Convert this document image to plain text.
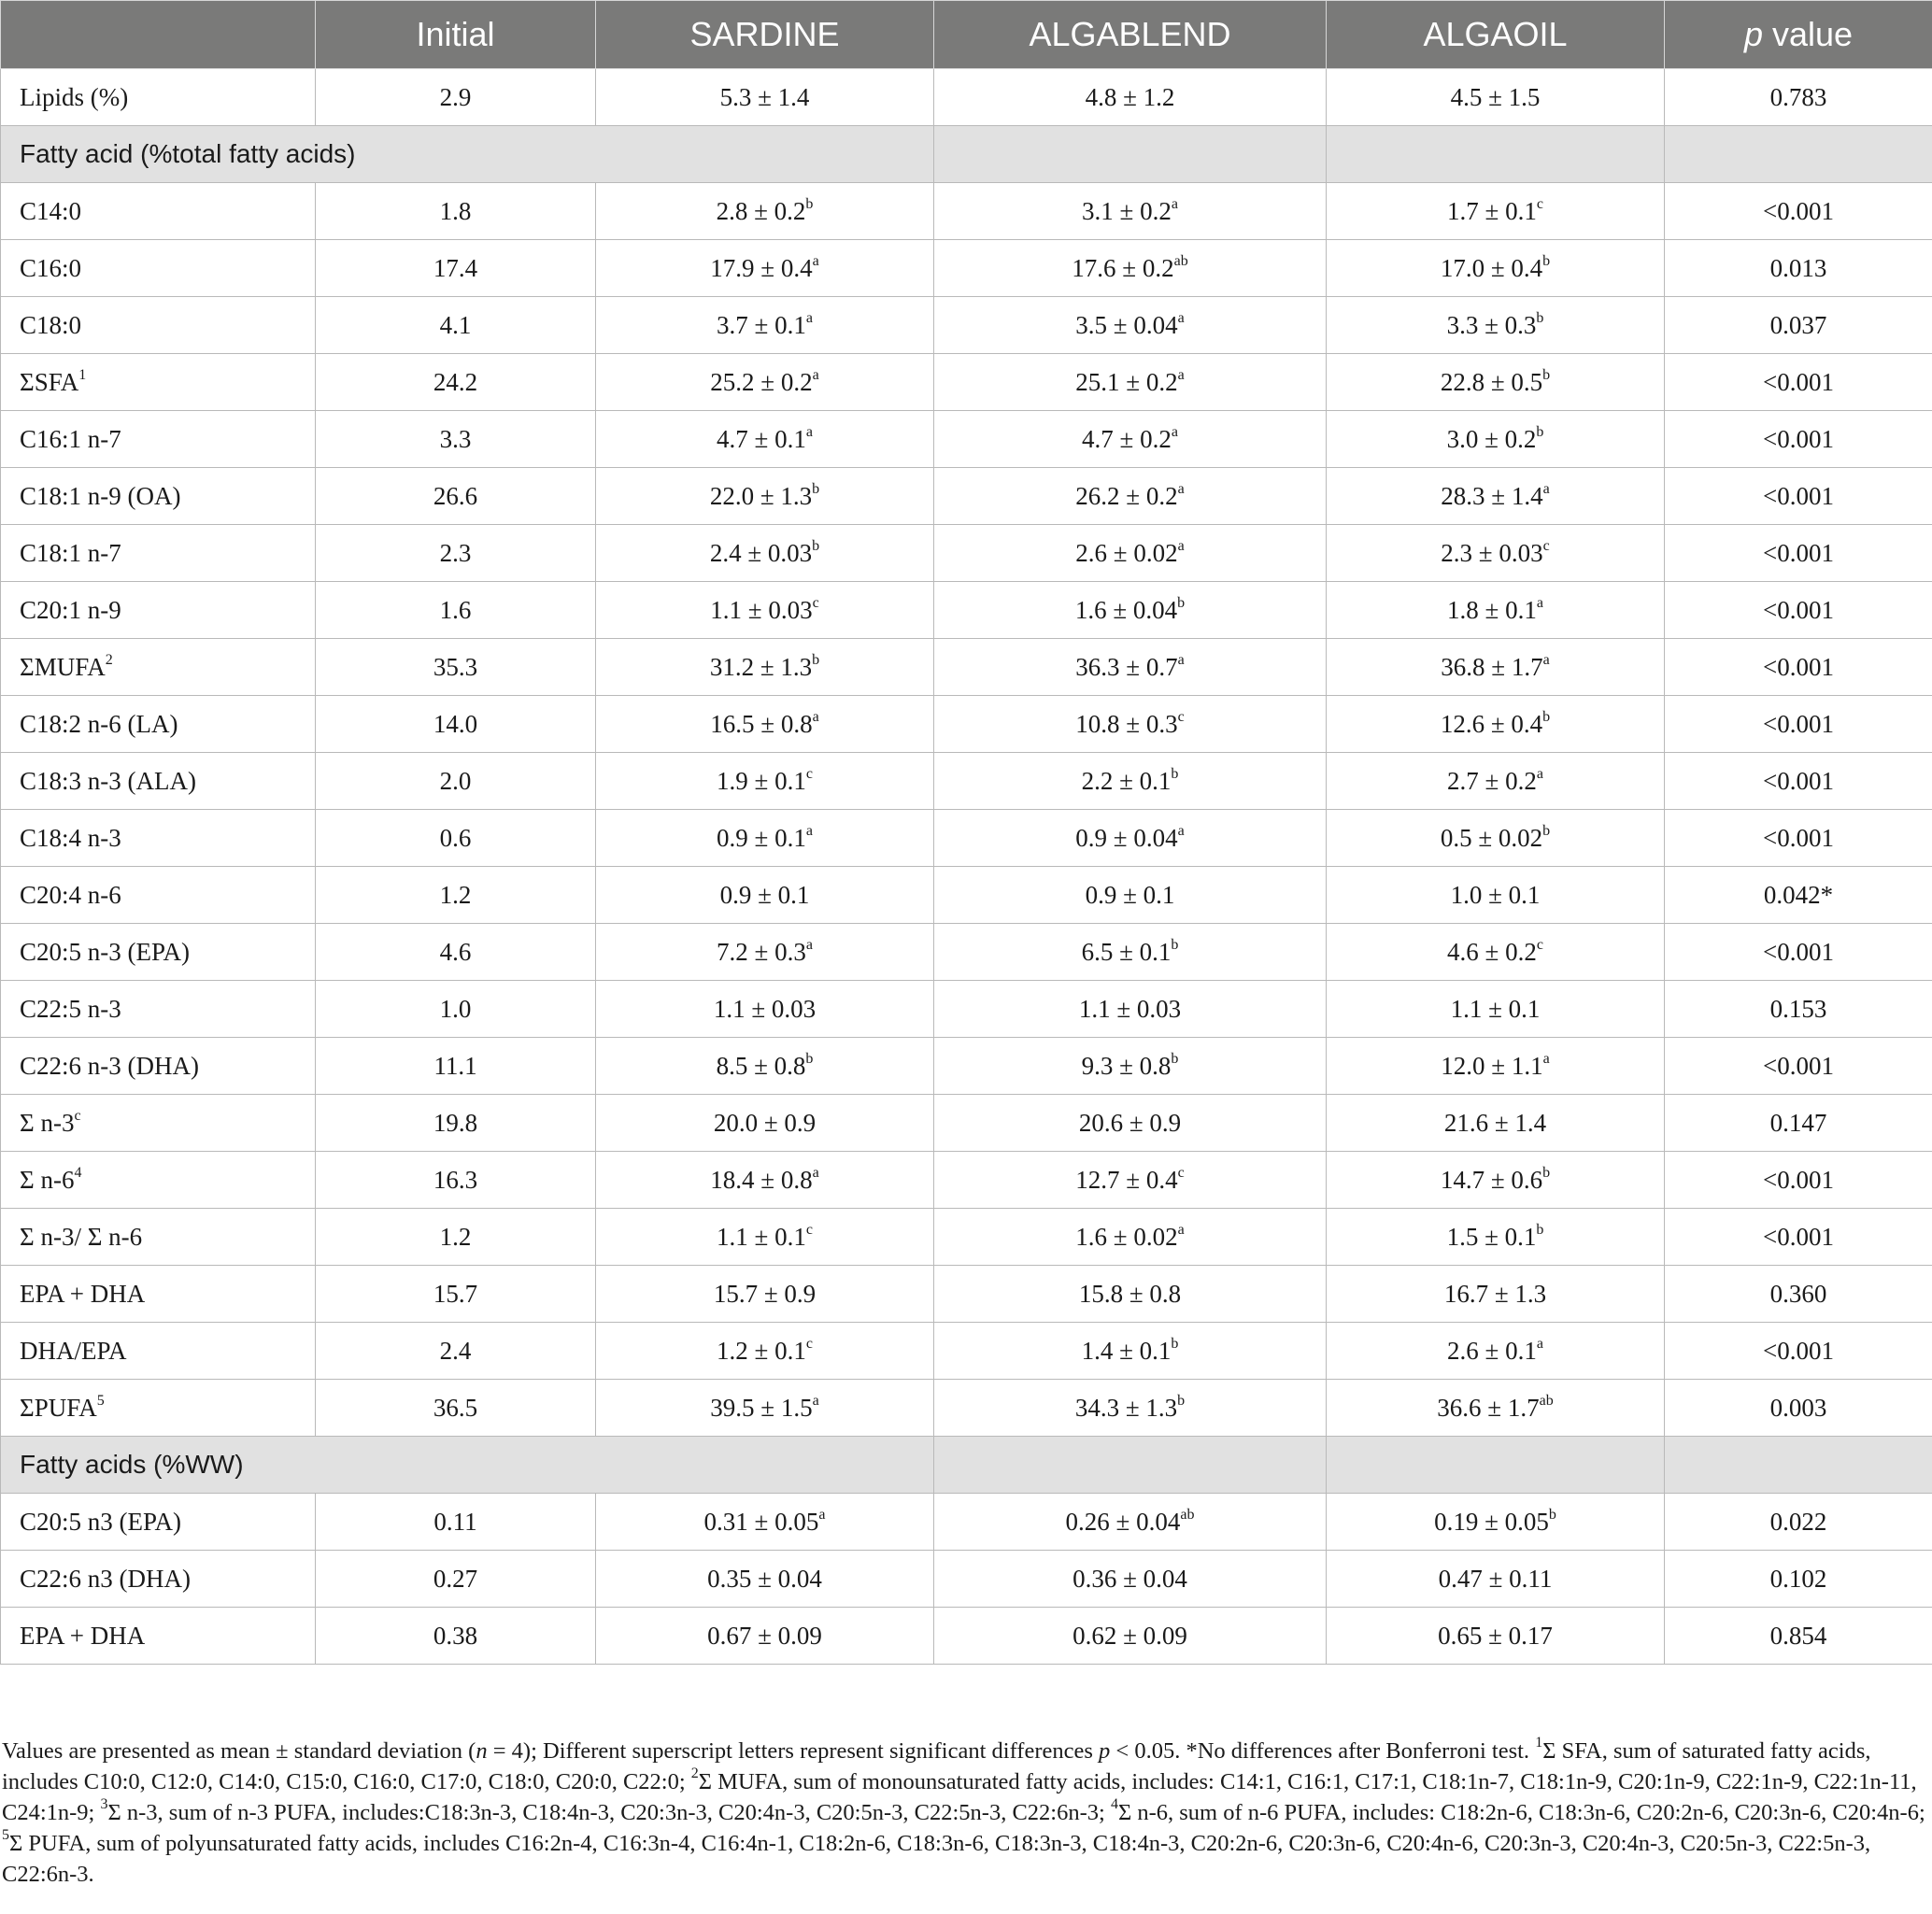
	Initial	SARDINE	ALGABLEND	ALGAOIL	p value
Lipids (%)	2.9	5.3 ± 1.4	4.8 ± 1.2	4.5 ± 1.5	0.783
Fatty acid (%total fatty acids)					
C14:0	1.8	2.8 ± 0.2$^b$	3.1 ± 0.2$^a$	1.7 ± 0.1$^c$	<0.001
C16:0	17.4	17.9 ± 0.4$^a$	17.6 ± 0.2$^{ab}$	17.0 ± 0.4$^b$	0.013
C18:0	4.1	3.7 ± 0.1$^a$	3.5 ± 0.04$^a$	3.3 ± 0.3$^b$	0.037
ΣSFA$^1$	24.2	25.2 ± 0.2$^a$	25.1 ± 0.2$^a$	22.8 ± 0.5$^b$	<0.001
C16:1 n-7	3.3	4.7 ± 0.1$^a$	4.7 ± 0.2$^a$	3.0 ± 0.2$^b$	<0.001
C18:1 n-9 (OA)	26.6	22.0 ± 1.3$^b$	26.2 ± 0.2$^a$	28.3 ± 1.4$^a$	<0.001
C18:1 n-7	2.3	2.4 ± 0.03$^b$	2.6 ± 0.02$^a$	2.3 ± 0.03$^c$	<0.001
C20:1 n-9	1.6	1.1 ± 0.03$^c$	1.6 ± 0.04$^b$	1.8 ± 0.1$^a$	<0.001
ΣMUFA$^2$	35.3	31.2 ± 1.3$^b$	36.3 ± 0.7$^a$	36.8 ± 1.7$^a$	<0.001
C18:2 n-6 (LA)	14.0	16.5 ± 0.8$^a$	10.8 ± 0.3$^c$	12.6 ± 0.4$^b$	<0.001
C18:3 n-3 (ALA)	2.0	1.9 ± 0.1$^c$	2.2 ± 0.1$^b$	2.7 ± 0.2$^a$	<0.001
C18:4 n-3	0.6	0.9 ± 0.1$^a$	0.9 ± 0.04$^a$	0.5 ± 0.02$^b$	<0.001
C20:4 n-6	1.2	0.9 ± 0.1	0.9 ± 0.1	1.0 ± 0.1	0.042*
C20:5 n-3 (EPA)	4.6	7.2 ± 0.3$^a$	6.5 ± 0.1$^b$	4.6 ± 0.2$^c$	<0.001
C22:5 n-3	1.0	1.1 ± 0.03	1.1 ± 0.03	1.1 ± 0.1	0.153
C22:6 n-3 (DHA)	11.1	8.5 ± 0.8$^b$	9.3 ± 0.8$^b$	12.0 ± 1.1$^a$	<0.001
Σ n-3$^c$	19.8	20.0 ± 0.9	20.6 ± 0.9	21.6 ± 1.4	0.147
Σ $n-6^4$	16.3	18.4 ± 0.8$^a$	12.7 ± 0.4$^c$	14.7 ± 0.6$^b$	<0.001
Σ n-3/ Σ n-6	1.2	1.1 ± 0.1$^c$	1.6 ± 0.02$^a$	1.5 ± 0.1$^b$	<0.001
EPA + DHA	15.7	15.7 ± 0.9	15.8 ± 0.8	16.7 ± 1.3	0.360
DHA/EPA	2.4	1.2 ± 0.1$^c$	1.4 ± 0.1$^b$	2.6 ± 0.1$^a$	<0.001
ΣPUFA$^5$	36.5	39.5 ± 1.5$^a$	34.3 ± 1.3$^b$	36.6 ± 1.7$^{ab}$	0.003
Fatty acids (%WW)					
C20:5 n3 (EPA)	0.11	0.31 ± 0.05$^a$	0.26 ± 0.04$^{ab}$	0.19 ± 0.05$^b$	0.022
C22:6 n3 (DHA)	0.27	0.35 ± 0.04	0.36 ± 0.04	0.47 ± 0.11	0.102
EPA + DHA	0.38	0.67 ± 0.09	0.62 ± 0.09	0.65 ± 0.17	0.854
Values are presented as mean ± standard deviation (n = 4); Different superscript letters represent significant differences p < 0.05. *No differences after Bonferroni test. $^1$Σ SFA, sum of saturated fatty acids, includes C10:0, C12:0, C14:0, C15:0, C16:0, C17:0, C18:0, C20:0, C22:0; $^2$Σ MUFA, sum of monounsaturated fatty acids, includes: C14:1, C16:1, C17:1, C18:1n-7, C18:1n-9, C20:1n-9, C22:1n-9, C22:1n-11, C24:1n-9; $^3$Σ n-3, sum of n-3 PUFA, includes:C18:3n-3, C18:4n-3, C20:3n-3, C20:4n-3, C20:5n-3, C22:5n-3, C22:6n-3; $^4$Σ n-6, sum of n-6 PUFA, includes: C18:2n-6, C18:3n-6, C20:2n-6, C20:3n-6, C20:4n-6; $^5$Σ PUFA, sum of polyunsaturated fatty acids, includes C16:2n-4, C16:3n-4, C16:4n-1, C18:2n-6, C18:3n-6, C18:3n-3, C18:4n-3, C20:2n-6, C20:3n-6, C20:4n-6, C20:3n-3, C20:4n-3, C20:5n-3, C22:5n-3, C22:6n-3.
